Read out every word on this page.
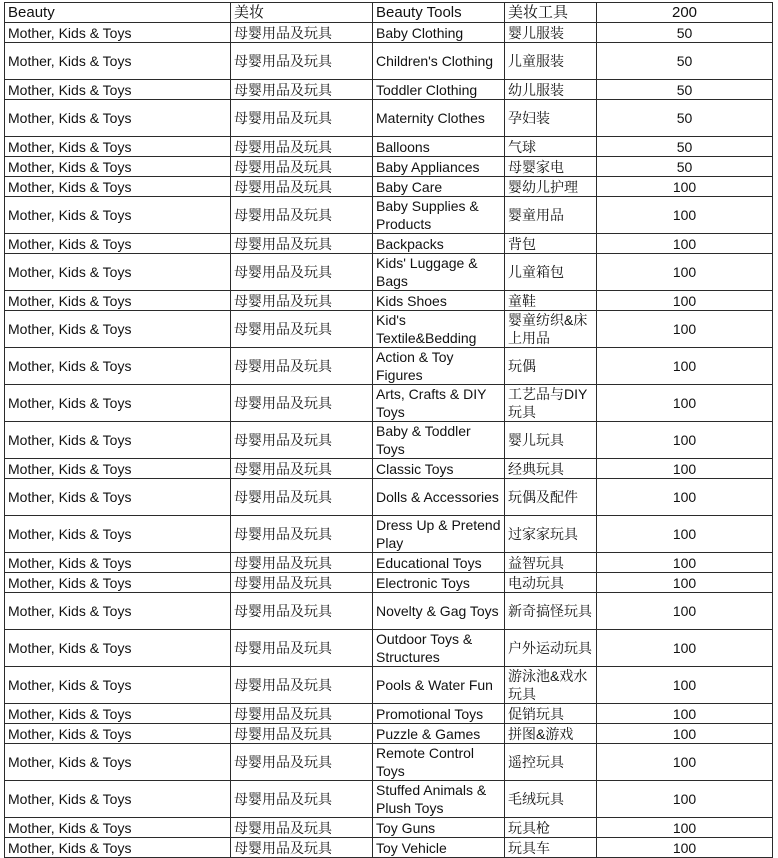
Beauty	美妆	Beauty Tools	美妆工具	200
Mother, Kids & Toys	母婴用品及玩具	Baby Clothing	婴儿服装	50
Mother, Kids & Toys	母婴用品及玩具	Children's Clothing	儿童服装	50
Mother, Kids & Toys	母婴用品及玩具	Toddler Clothing	幼儿服装	50
Mother, Kids & Toys	母婴用品及玩具	Maternity Clothes	孕妇装	50
Mother, Kids & Toys	母婴用品及玩具	Balloons	气球	50
Mother, Kids & Toys	母婴用品及玩具	Baby Appliances	母婴家电	50
Mother, Kids & Toys	母婴用品及玩具	Baby Care	婴幼儿护理	100
Mother, Kids & Toys	母婴用品及玩具	Baby Supplies & Products	婴童用品	100
Mother, Kids & Toys	母婴用品及玩具	Backpacks	背包	100
Mother, Kids & Toys	母婴用品及玩具	Kids' Luggage & Bags	儿童箱包	100
Mother, Kids & Toys	母婴用品及玩具	Kids Shoes	童鞋	100
Mother, Kids & Toys	母婴用品及玩具	Kid's Textile&Bedding	婴童纺织&床上用品	100
Mother, Kids & Toys	母婴用品及玩具	Action & Toy Figures	玩偶	100
Mother, Kids & Toys	母婴用品及玩具	Arts, Crafts & DIY Toys	工艺品与DIY玩具	100
Mother, Kids & Toys	母婴用品及玩具	Baby & Toddler Toys	婴儿玩具	100
Mother, Kids & Toys	母婴用品及玩具	Classic Toys	经典玩具	100
Mother, Kids & Toys	母婴用品及玩具	Dolls & Accessories	玩偶及配件	100
Mother, Kids & Toys	母婴用品及玩具	Dress Up & Pretend Play	过家家玩具	100
Mother, Kids & Toys	母婴用品及玩具	Educational Toys	益智玩具	100
Mother, Kids & Toys	母婴用品及玩具	Electronic Toys	电动玩具	100
Mother, Kids & Toys	母婴用品及玩具	Novelty & Gag Toys	新奇搞怪玩具	100
Mother, Kids & Toys	母婴用品及玩具	Outdoor Toys & Structures	户外运动玩具	100
Mother, Kids & Toys	母婴用品及玩具	Pools & Water Fun	游泳池&戏水玩具	100
Mother, Kids & Toys	母婴用品及玩具	Promotional Toys	促销玩具	100
Mother, Kids & Toys	母婴用品及玩具	Puzzle & Games	拼图&游戏	100
Mother, Kids & Toys	母婴用品及玩具	Remote Control Toys	遥控玩具	100
Mother, Kids & Toys	母婴用品及玩具	Stuffed Animals & Plush Toys	毛绒玩具	100
Mother, Kids & Toys	母婴用品及玩具	Toy Guns	玩具枪	100
Mother, Kids & Toys	母婴用品及玩具	Toy Vehicle	玩具车	100
